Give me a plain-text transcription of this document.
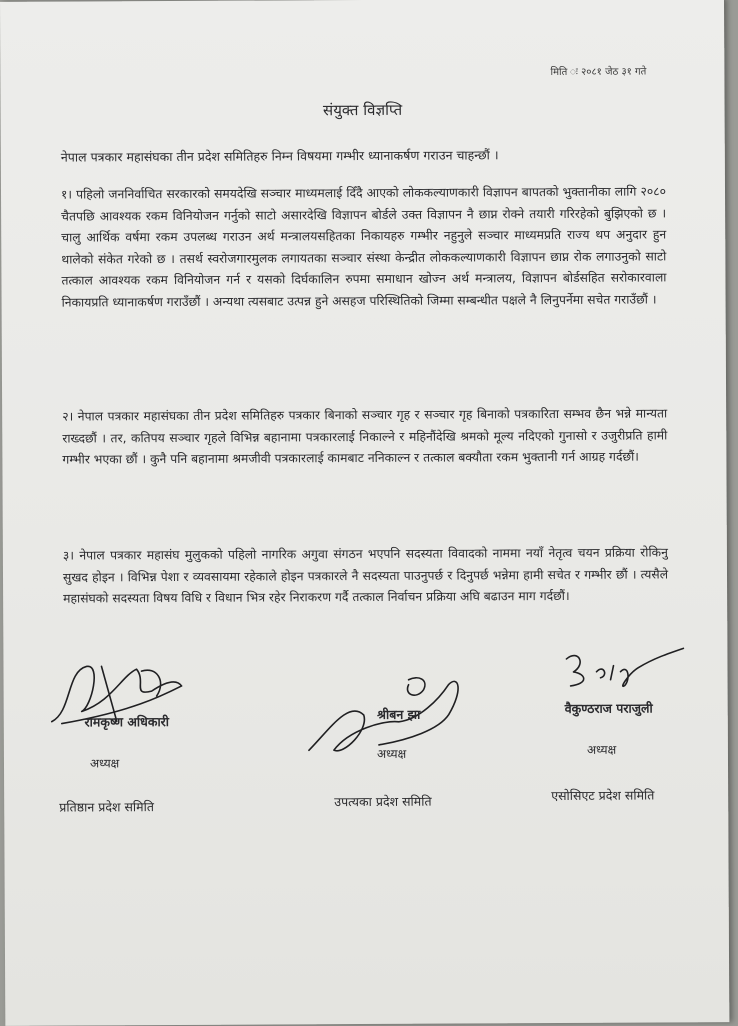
मिति ः २०८१ जेठ ३१ गते
संयुक्त विज्ञप्ति
नेपाल पत्रकार महासंघका तीन प्रदेश समितिहरु निम्न विषयमा गम्भीर ध्यानाकर्षण गराउन चाहन्छौं ।
१। पहिलो जननिर्वाचित सरकारको समयदेखि सञ्चार माध्यमलाई दिँदै आएको लोककल्याणकारी विज्ञापन बापतको भुक्तानीका लागि २०८० चैतपछि आवश्यक रकम विनियोजन गर्नुको साटो असारदेखि विज्ञापन बोर्डले उक्त विज्ञापन नै छाप्न रोक्ने तयारी गरिरहेको बुझिएको छ । चालु आर्थिक वर्षमा रकम उपलब्ध गराउन अर्थ मन्त्रालयसहितका निकायहरु गम्भीर नहुनुले सञ्चार माध्यमप्रति राज्य थप अनुदार हुन थालेको संकेत गरेको छ । तसर्थ स्वरोजगारमुलक लगायतका सञ्चार संस्था केन्द्रीत लोककल्याणकारी विज्ञापन छाप्न रोक लगाउनुको साटो तत्काल आवश्यक रकम विनियोजन गर्न र यसको दिर्घकालिन रुपमा समाधान खोज्न अर्थ मन्त्रालय, विज्ञापन बोर्डसहित सरोकारवाला निकायप्रति ध्यानाकर्षण गराउँछौं । अन्यथा त्यसबाट उत्पन्न हुने असहज परिस्थितिको जिम्मा सम्बन्धीत पक्षले नै लिनुपर्नेमा सचेत गराउँछौं ।
२। नेपाल पत्रकार महासंघका तीन प्रदेश समितिहरु पत्रकार बिनाको सञ्चार गृह र सञ्चार गृह बिनाको पत्रकारिता सम्भव छैन भन्ने मान्यता राख्दछौं । तर, कतिपय सञ्चार गृहले विभिन्न बहानामा पत्रकारलाई निकाल्ने र महिनौंदेखि श्रमको मूल्य नदिएको गुनासो र उजुरीप्रति हामी गम्भीर भएका छौं । कुनै पनि बहानामा श्रमजीवी पत्रकारलाई कामबाट ननिकाल्न र तत्काल बक्यौता रकम भुक्तानी गर्न आग्रह गर्दछौं।
३। नेपाल पत्रकार महासंघ मुलुकको पहिलो नागरिक अगुवा संगठन भएपनि सदस्यता विवादको नाममा नयाँ नेतृत्व चयन प्रक्रिया रोकिनु सुखद होइन । विभिन्न पेशा र व्यवसायमा रहेकाले होइन पत्रकारले नै सदस्यता पाउनुपर्छ र दिनुपर्छ भन्नेमा हामी सचेत र गम्भीर छौं । त्यसैले महासंघको सदस्यता विषय विधि र विधान भित्र रहेर निराकरण गर्दै तत्काल निर्वाचन प्रक्रिया अघि बढाउन माग गर्दछौं।
रामकृष्ण अधिकारी
अध्यक्ष
प्रतिष्ठान प्रदेश समिति
श्रीबन झा
अध्यक्ष
उपत्यका प्रदेश समिति
वैकुण्ठराज पराजुली
अध्यक्ष
एसोसिएट प्रदेश समिति
